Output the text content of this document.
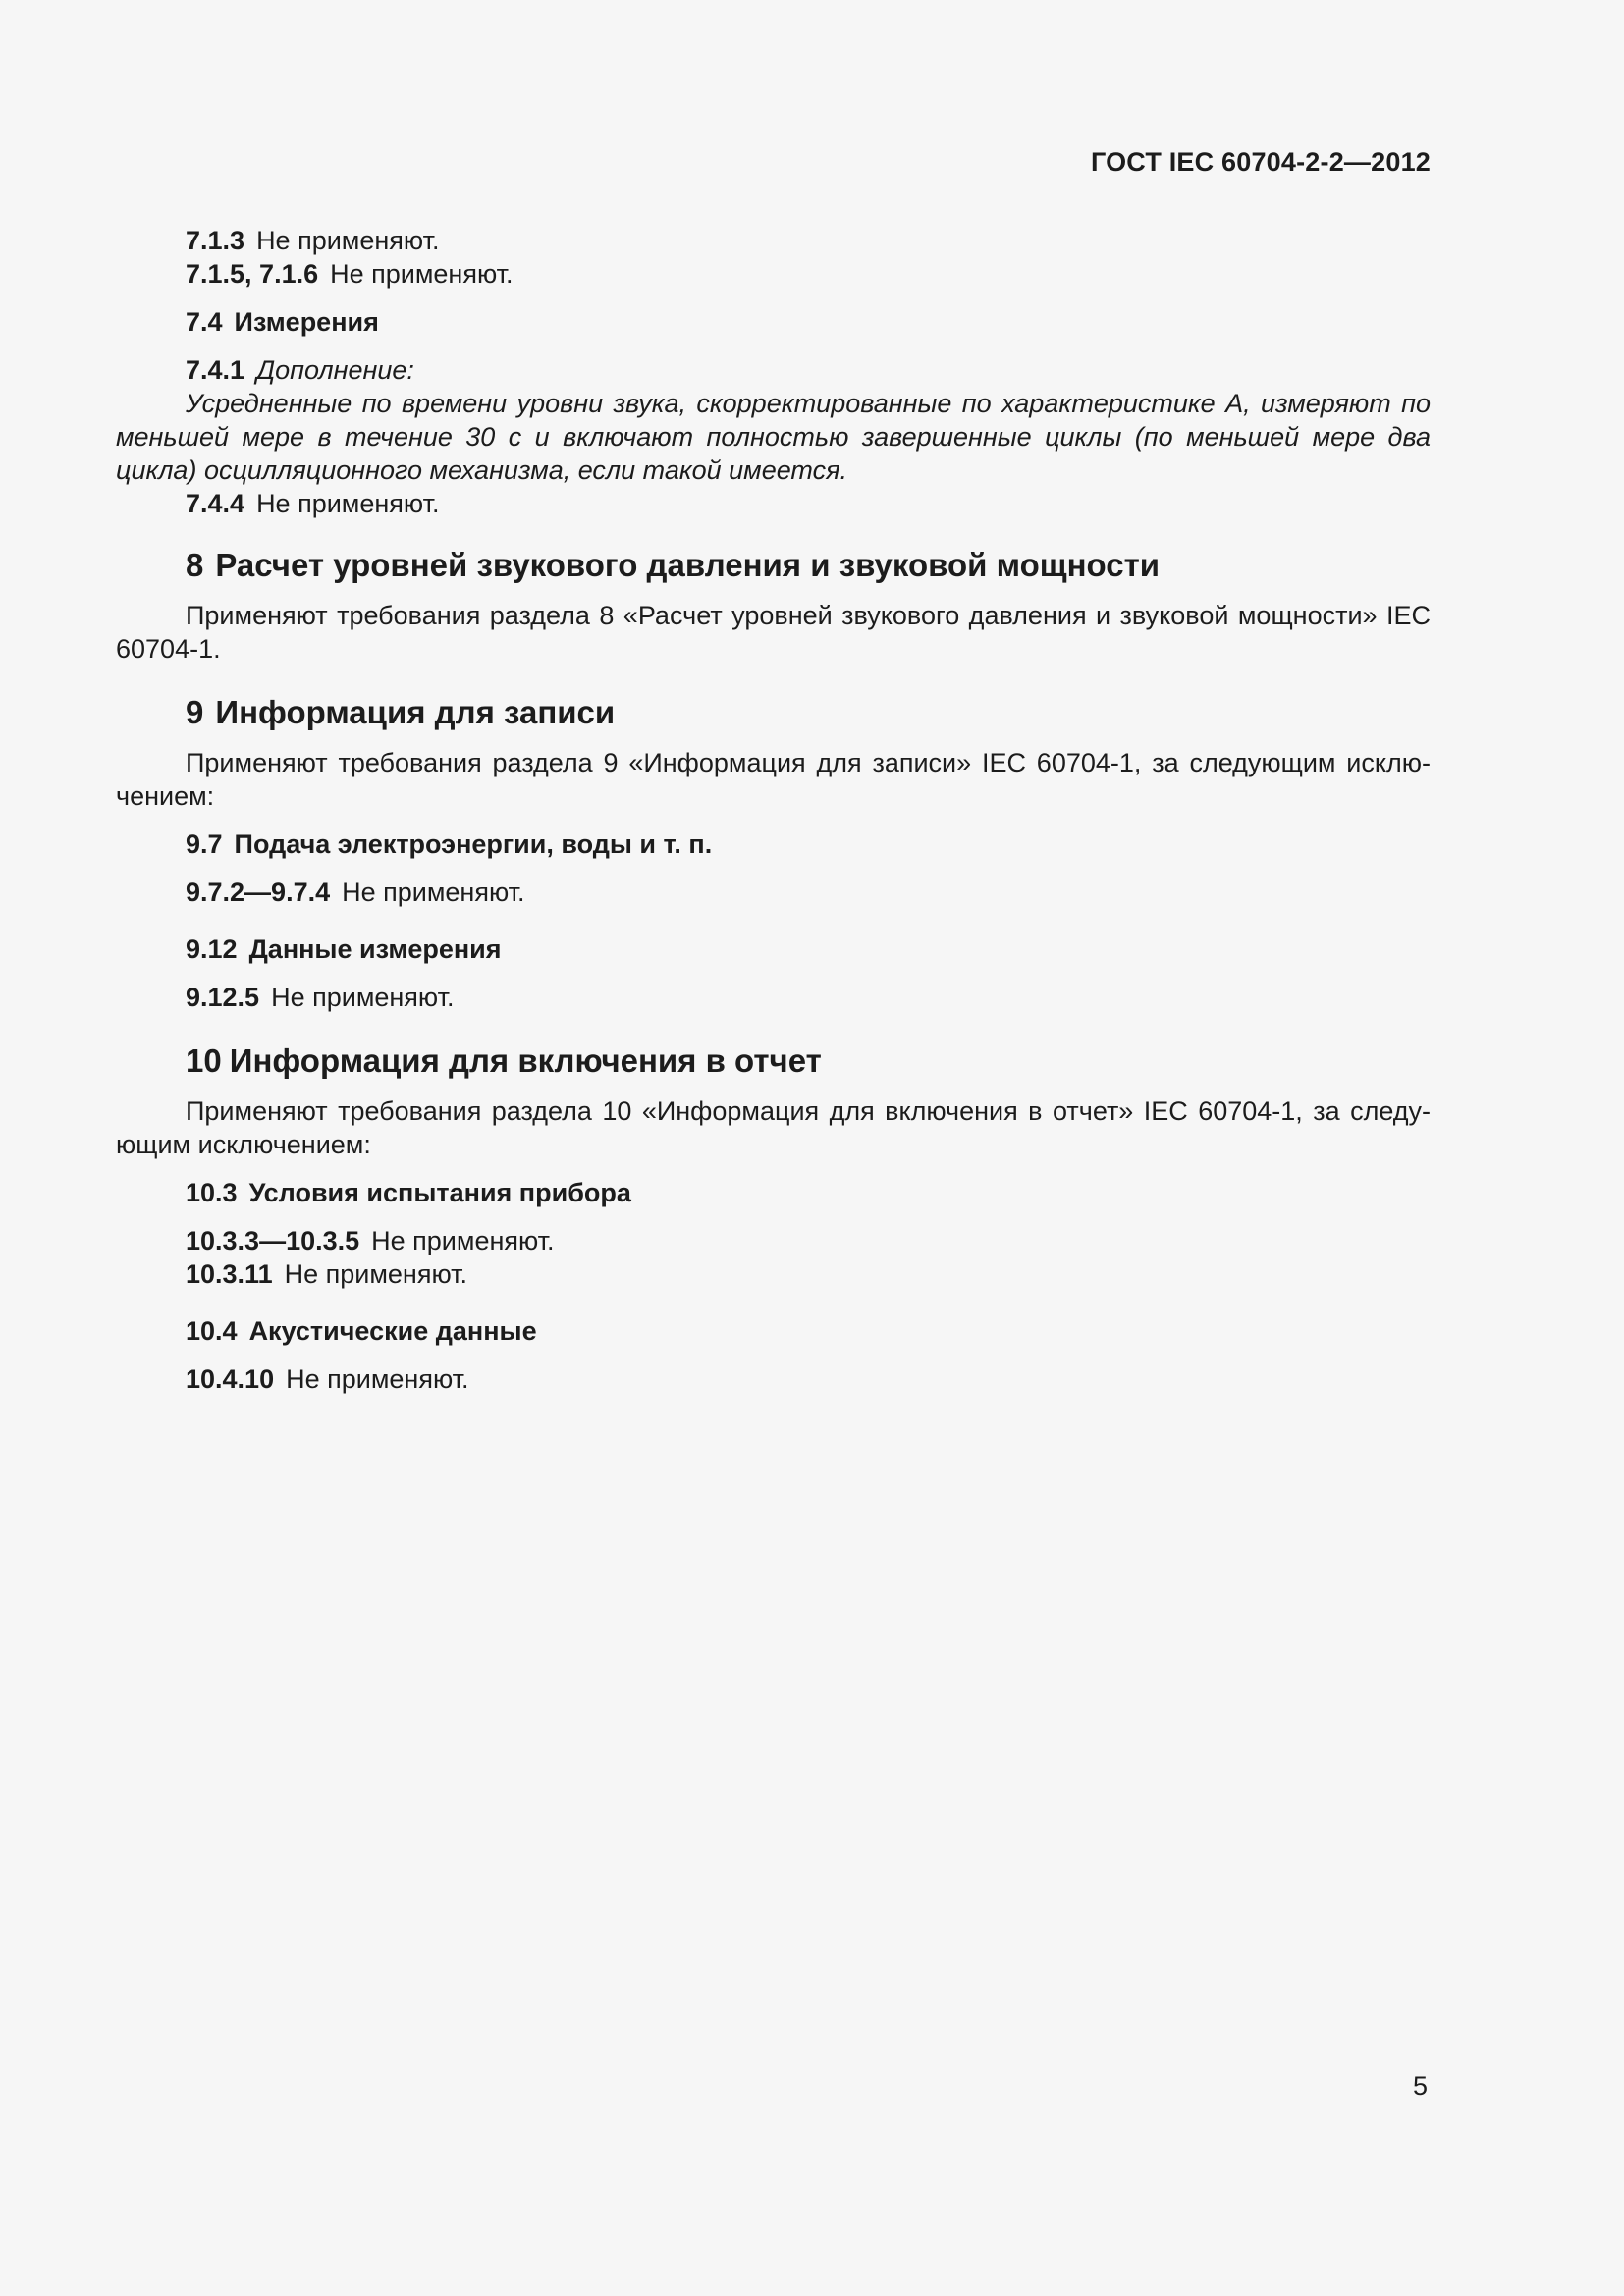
ГОСТ IEC 60704-2-2—2012

7.1.3 Не применяют.

7.1.5, 7.1.6 Не применяют.

7.4 Измерения

7.4.1 Дополнение:

Усредненные по времени уровни звука, скорректированные по характеристике А, измеряют по меньшей мере в течение 30 с и включают полностью завершенные циклы (по меньшей мере два цикла) осцилляционного механизма, если такой имеется.

7.4.4 Не применяют.

8 Расчет уровней звукового давления и звуковой мощности

Применяют требования раздела 8 «Расчет уровней звукового давления и звуковой мощности» IEC 60704-1.

9 Информация для записи

Применяют требования раздела 9 «Информация для записи» IEC 60704-1, за следующим исклю-чением:

9.7 Подача электроэнергии, воды и т. п.

9.7.2—9.7.4 Не применяют.

9.12 Данные измерения

9.12.5 Не применяют.

10 Информация для включения в отчет

Применяют требования раздела 10 «Информация для включения в отчет» IEC 60704-1, за следу-ющим исключением:

10.3 Условия испытания прибора

10.3.3—10.3.5 Не применяют.

10.3.11 Не применяют.

10.4 Акустические данные

10.4.10 Не применяют.

5
